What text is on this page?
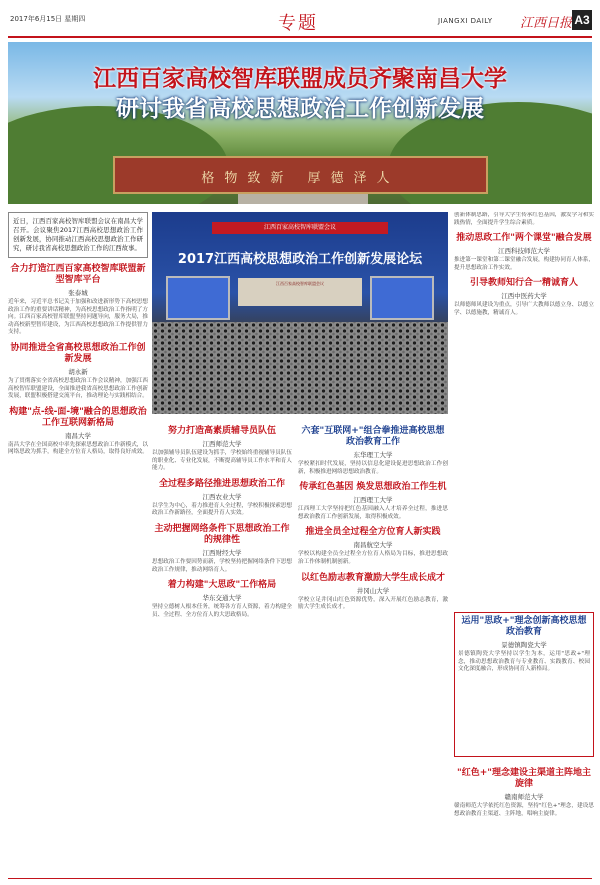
2017年6月15日 星期四	专题	JIANGXI DAILY 江西日报 A3
江西百家高校智库联盟成员齐聚南昌大学
研讨我省高校思想政治工作创新发展
格物致新 厚德泽人
近日，江西百家高校智库联盟会议在南昌大学召开。会议聚焦2017江西高校思想政治工作创新发展，协同推动江西高校思想政治工作研究，研讨我省高校思想政治工作的江西故事。
合力打造江西百家高校智库联盟新型智库平台
张泰城
近年来，习近平总书记关于加强和改进新形势下高校思想政治工作的重要讲话精神，为高校思想政治工作指明了方向。江西百家高校智库联盟坚持问题导向，服务大局，推动高校新型智库建设，为江西高校思想政治工作提供智力支持。
协同推进全省高校思想政治工作创新发展
胡永新
为了贯彻落实全省高校思想政治工作会议精神，加强江西高校智库联盟建设，全面推进我省高校思想政治工作创新发展，联盟积极搭建交流平台，推动理论与实践相结合。
构建"点-线-面-境"融合的思想政治工作互联网新格局
南昌大学
南昌大学在全国高校中率先探索思想政治工作新模式，以网络思政为抓手，构建全方位育人格局，取得良好成效。
江西百家高校智库联盟会议
2017江西高校思想政治工作创新发展论坛
江西百家高校智库联盟会议
努力打造高素质辅导员队伍
江西师范大学
以加强辅导员队伍建设为抓手，学校始终重视辅导员队伍的职业化、专业化发展，不断提高辅导员工作水平和育人能力。
全过程多路径推进思想政治工作
江西农业大学
以学生为中心，着力推进育人全过程，学校积极探索思想政治工作新路径，全面提升育人实效。
主动把握网络条件下思想政治工作的规律性
江西财经大学
思想政治工作要因势而新，学校坚持把握网络条件下思想政治工作规律，推动网络育人。
着力构建"大思政"工作格局
华东交通大学
坚持立德树人根本任务，统筹各方育人资源，着力构建全员、全过程、全方位育人的大思政格局。
六套"互联网+"组合拳推进高校思想政治教育工作
东华理工大学
学校紧扣时代发展，坚持以信息化建设促进思想政治工作创新，积极推进网络思想政治教育。
传承红色基因 焕发思想政治工作生机
江西理工大学
江西理工大学坚持把红色基因融入人才培养全过程，推进思想政治教育工作创新发展，取得积极成效。
推进全员全过程全方位育人新实践
南昌航空大学
学校以构建全员全过程全方位育人格局为目标，推进思想政治工作体制机制创新。
以红色励志教育激励大学生成长成才
井冈山大学
学校立足井冈山红色资源优势，深入开展红色励志教育，激励大学生成长成才。
创新体制思路，引导大学生传承红色基因，激发学习和实践热情，全面提升学生综合素质。
推动思政工作"两个课堂"融合发展
江西科技师范大学
推进第一课堂和第二课堂融合发展，构建协同育人体系，提升思想政治工作实效。
引导教师知行合一精诚育人
江西中医药大学
以师德师风建设为重点，引导广大教师以德立身、以德立学、以德施教，精诚育人。
运用"思政+"理念创新高校思想政治教育
景德镇陶瓷大学
景德镇陶瓷大学坚持以学生为本，运用"思政+"理念，推动思想政治教育与专业教育、实践教育、校园文化深度融合，形成协同育人新格局。
"红色+"理念建设主渠道主阵地主旋律
赣南师范大学
赣南师范大学依托红色资源，坚持"红色+"理念，建设思想政治教育主渠道、主阵地，唱响主旋律。
